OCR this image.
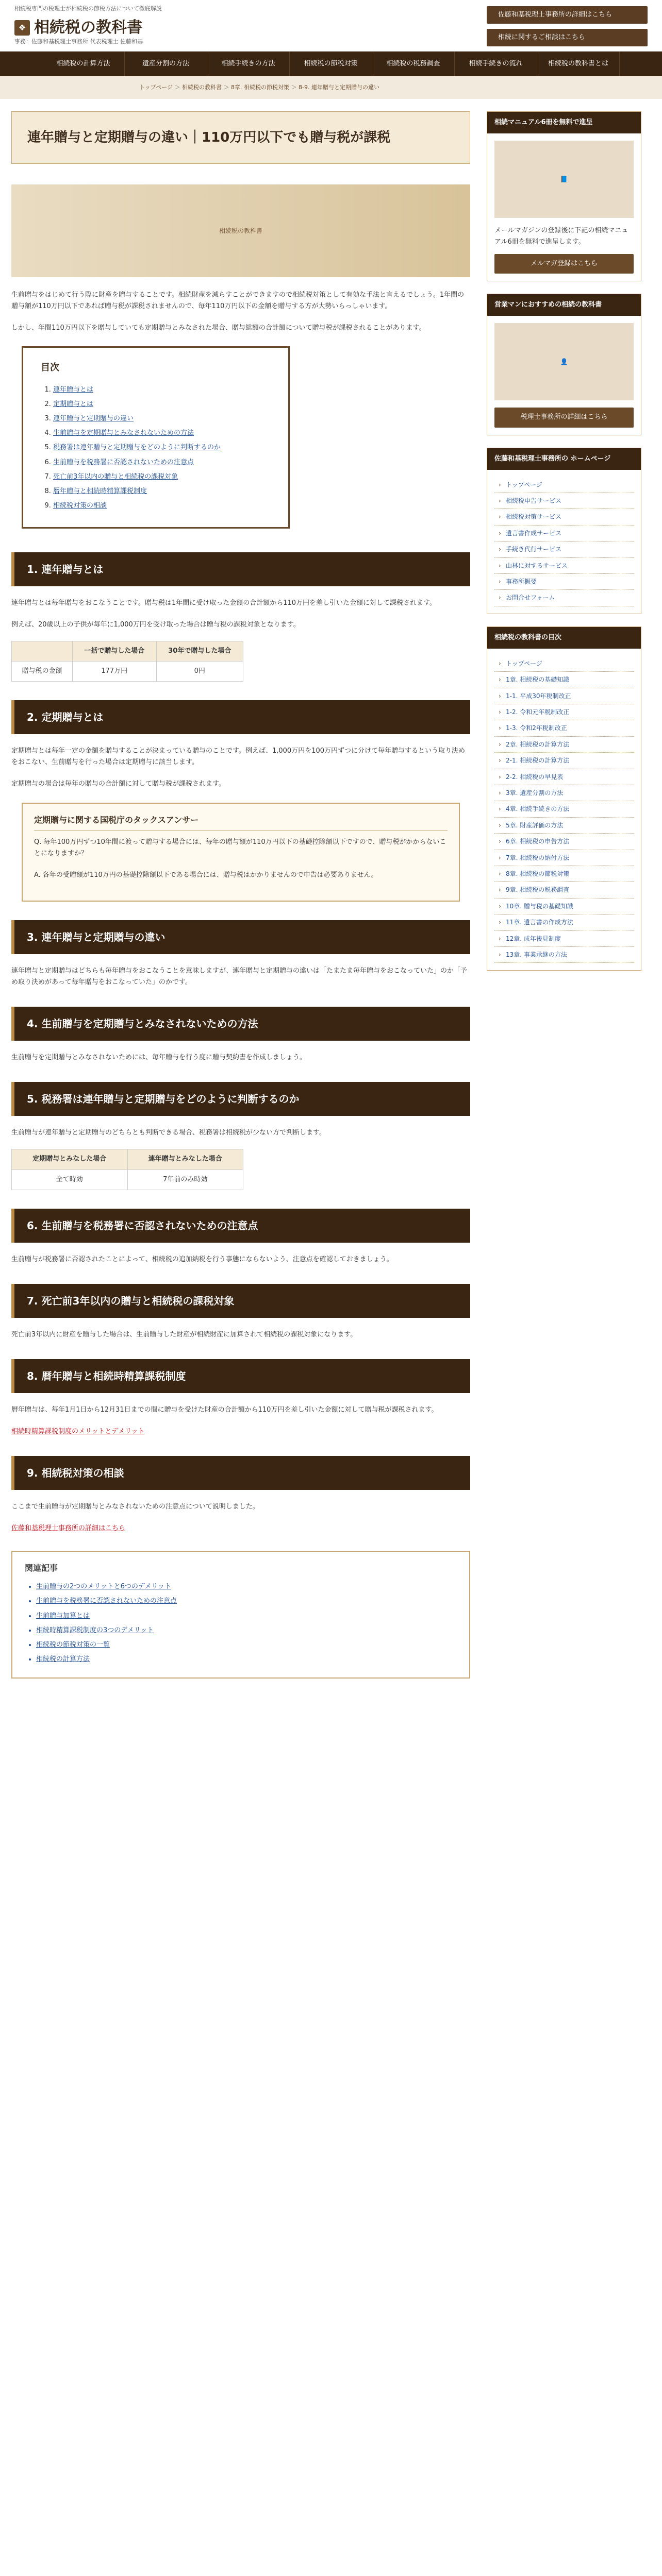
相続税専門の税理士が相続税の節税方法について徹底解説
❖ 相続税の教科書
事務：佐藤和基税理士事務所 代表税理士 佐藤和基
佐藤和基税理士事務所の詳細はこちら
相続に関するご相談はこちら
相続税の計算方法	遺産分割の方法	相続手続きの方法	相続税の節税対策	相続税の税務調査	相続手続きの流れ	相続税の教科書とは
トップページ ＞ 相続税の教科書 ＞ 8章. 相続税の節税対策 ＞ 8-9. 連年贈与と定期贈与の違い
連年贈与と定期贈与の違い｜110万円以下でも贈与税が課税
相続税の教科書

生前贈与をはじめて行う際に財産を贈与することです。相続財産を減らすことができますので相続税対策として有効な手法と言えるでしょう。1年間の贈与額が110万円以下であれば贈与税が課税されませんので、毎年110万円以下の金額を贈与する方が大勢いらっしゃいます。

しかし、年間110万円以下を贈与していても定期贈与とみなされた場合、贈与総額の合計額について贈与税が課税されることがあります。

目次
1. 連年贈与とは
2. 定期贈与とは
3. 連年贈与と定期贈与の違い
4. 生前贈与を定期贈与とみなされないための方法
5. 税務署は連年贈与と定期贈与をどのように判断するのか
6. 生前贈与を税務署に否認されないための注意点
7. 死亡前3年以内の贈与と相続税の課税対象
8. 暦年贈与と相続時精算課税制度
9. 相続税対策の相談
1. 連年贈与とは

連年贈与とは毎年贈与をおこなうことです。贈与税は1年間に受け取った金額の合計額から110万円を差し引いた金額に対して課税されます。

例えば、20歳以上の子供が毎年に1,000万円を受け取った場合は贈与税の課税対象となります。

	一括で贈与した場合	30年で贈与した場合
贈与税の金額	177万円	0円
2. 定期贈与とは

定期贈与とは毎年一定の金額を贈与することが決まっている贈与のことです。例えば、1,000万円を100万円ずつに分けて毎年贈与するという取り決めをおこない、生前贈与を行った場合は定期贈与に該当します。

定期贈与の場合は毎年の贈与の合計額に対して贈与税が課税されます。

定期贈与に関する国税庁のタックスアンサー

Q. 毎年100万円ずつ10年間に渡って贈与する場合には、毎年の贈与額が110万円以下の基礎控除額以下ですので、贈与税がかからないことになりますか？

A. 各年の受贈額が110万円の基礎控除額以下である場合には、贈与税はかかりませんので申告は必要ありません。

3. 連年贈与と定期贈与の違い

連年贈与と定期贈与はどちらも毎年贈与をおこなうことを意味しますが、連年贈与と定期贈与の違いは「たまたま毎年贈与をおこなっていた」のか「予め取り決めがあって毎年贈与をおこなっていた」のかです。

4. 生前贈与を定期贈与とみなされないための方法

生前贈与を定期贈与とみなされないためには、毎年贈与を行う度に贈与契約書を作成しましょう。

5. 税務署は連年贈与と定期贈与をどのように判断するのか

生前贈与が連年贈与と定期贈与のどちらとも判断できる場合、税務署は相続税が少ない方で判断します。

定期贈与とみなした場合	連年贈与とみなした場合
全て時効	7年前のみ時効
6. 生前贈与を税務署に否認されないための注意点

生前贈与が税務署に否認されたことによって、相続税の追加納税を行う事態にならないよう、注意点を確認しておきましょう。

7. 死亡前3年以内の贈与と相続税の課税対象

死亡前3年以内に財産を贈与した場合は、生前贈与した財産が相続財産に加算されて相続税の課税対象になります。

8. 暦年贈与と相続時精算課税制度

暦年贈与は、毎年1月1日から12月31日までの間に贈与を受けた財産の合計額から110万円を差し引いた金額に対して贈与税が課税されます。

相続時精算課税制度のメリットとデメリット

9. 相続税対策の相談

ここまで生前贈与が定期贈与とみなされないための注意点について説明しました。

佐藤和基税理士事務所の詳細はこちら

関連記事
• 生前贈与の2つのメリットと6つのデメリット
• 生前贈与を税務署に否認されないための注意点
• 生前贈与加算とは
• 相続時精算課税制度の3つのデメリット
• 相続税の節税対策の一覧
• 相続税の計算方法
相続マニュアル6冊を無料で進呈
📘

メールマガジンの登録後に下記の相続マニュアル6冊を無料で進呈します。

メルマガ登録はこちら
営業マンにおすすめの相続の教科書
👤
税理士事務所の詳細はこちら
佐藤和基税理士事務所の ホームページ
› トップページ
› 相続税申告サービス
› 相続税対策サービス
› 遺言書作成サービス
› 手続き代行サービス
› 山林に対するサービス
› 事務所概要
› お問合せフォーム
相続税の教科書の目次
› トップページ
› 1章. 相続税の基礎知識
› 1-1. 平成30年税制改正
› 1-2. 令和元年税制改正
› 1-3. 令和2年税制改正
› 2章. 相続税の計算方法
› 2-1. 相続税の計算方法
› 2-2. 相続税の早見表
› 3章. 遺産分割の方法
› 4章. 相続手続きの方法
› 5章. 財産評価の方法
› 6章. 相続税の申告方法
› 7章. 相続税の納付方法
› 8章. 相続税の節税対策
› 9章. 相続税の税務調査
› 10章. 贈与税の基礎知識
› 11章. 遺言書の作成方法
› 12章. 成年後見制度
› 13章. 事業承継の方法
